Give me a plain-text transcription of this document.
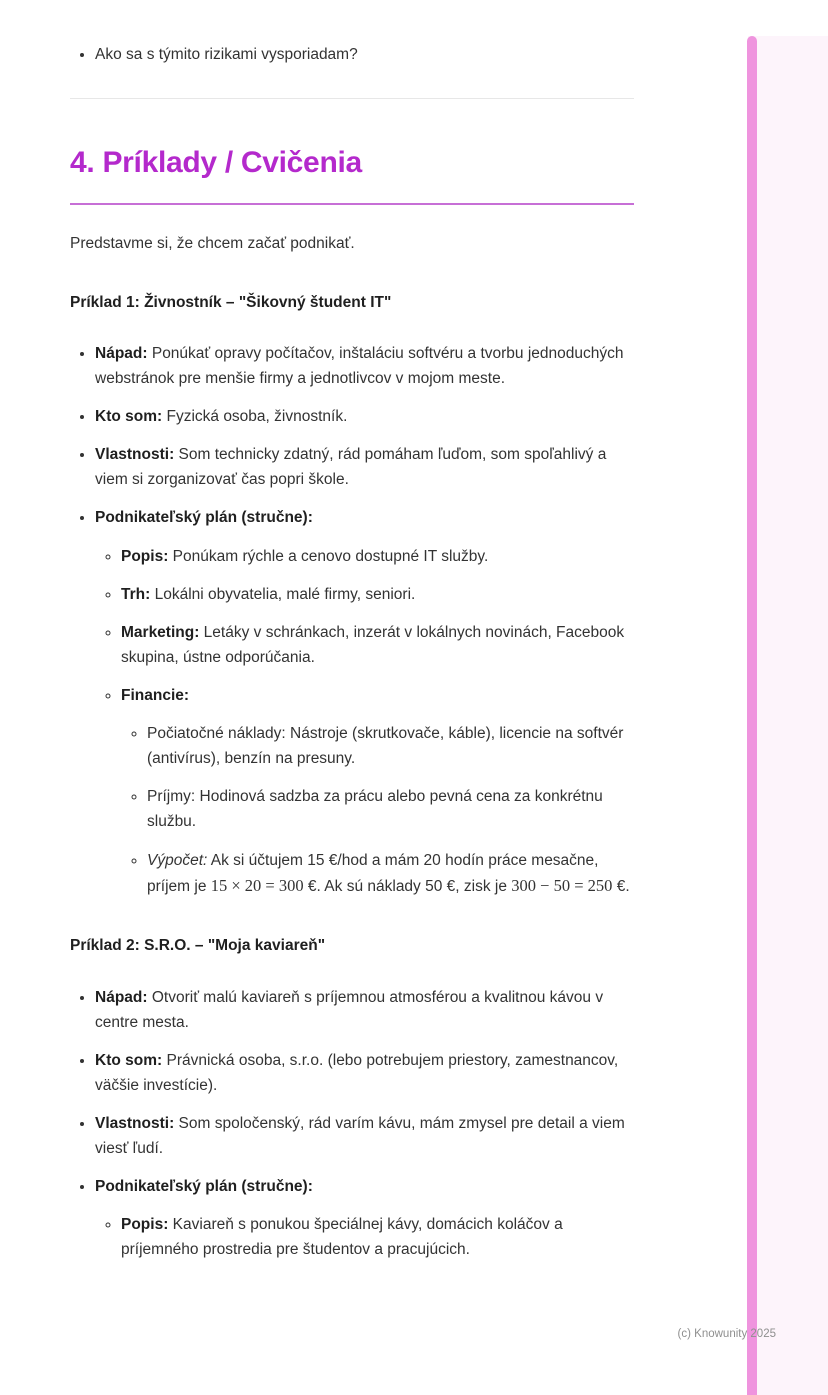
• Ako sa s týmito rizikami vysporiadam?
4. Príklady / Cvičenia

Predstavme si, že chcem začať podnikať.

Príklad 1: Živnostník – "Šikovný študent IT"

• Nápad: Ponúkať opravy počítačov, inštaláciu softvéru a tvorbu jednoduchých webstránok pre menšie firmy a jednotlivcov v mojom meste.
• Kto som: Fyzická osoba, živnostník.
• Vlastnosti: Som technicky zdatný, rád pomáham ľuďom, som spoľahlivý a viem si zorganizovať čas popri škole.
• Podnikateľský plán (stručne):
◦ Popis: Ponúkam rýchle a cenovo dostupné IT služby.
◦ Trh: Lokálni obyvatelia, malé firmy, seniori.
◦ Marketing: Letáky v schránkach, inzerát v lokálnych novinách, Facebook skupina, ústne odporúčania.
◦ Financie:
◦ Počiatočné náklady: Nástroje (skrutkovače, káble), licencie na softvér (antivírus), benzín na presuny.
◦ Príjmy: Hodinová sadzba za prácu alebo pevná cena za konkrétnu službu.
◦ Výpočet: Ak si účtujem 15 €/hod a mám 20 hodín práce mesačne, príjem je 15 × 20 = 300 €. Ak sú náklady 50 €, zisk je 300 − 50 = 250 €.

Príklad 2: S.R.O. – "Moja kaviareň"

• Nápad: Otvoriť malú kaviareň s príjemnou atmosférou a kvalitnou kávou v centre mesta.
• Kto som: Právnická osoba, s.r.o. (lebo potrebujem priestory, zamestnancov, väčšie investície).
• Vlastnosti: Som spoločenský, rád varím kávu, mám zmysel pre detail a viem viesť ľudí.
• Podnikateľský plán (stručne):
◦ Popis: Kaviareň s ponukou špeciálnej kávy, domácich koláčov a príjemného prostredia pre študentov a pracujúcich.
(c) Knowunity 2025
